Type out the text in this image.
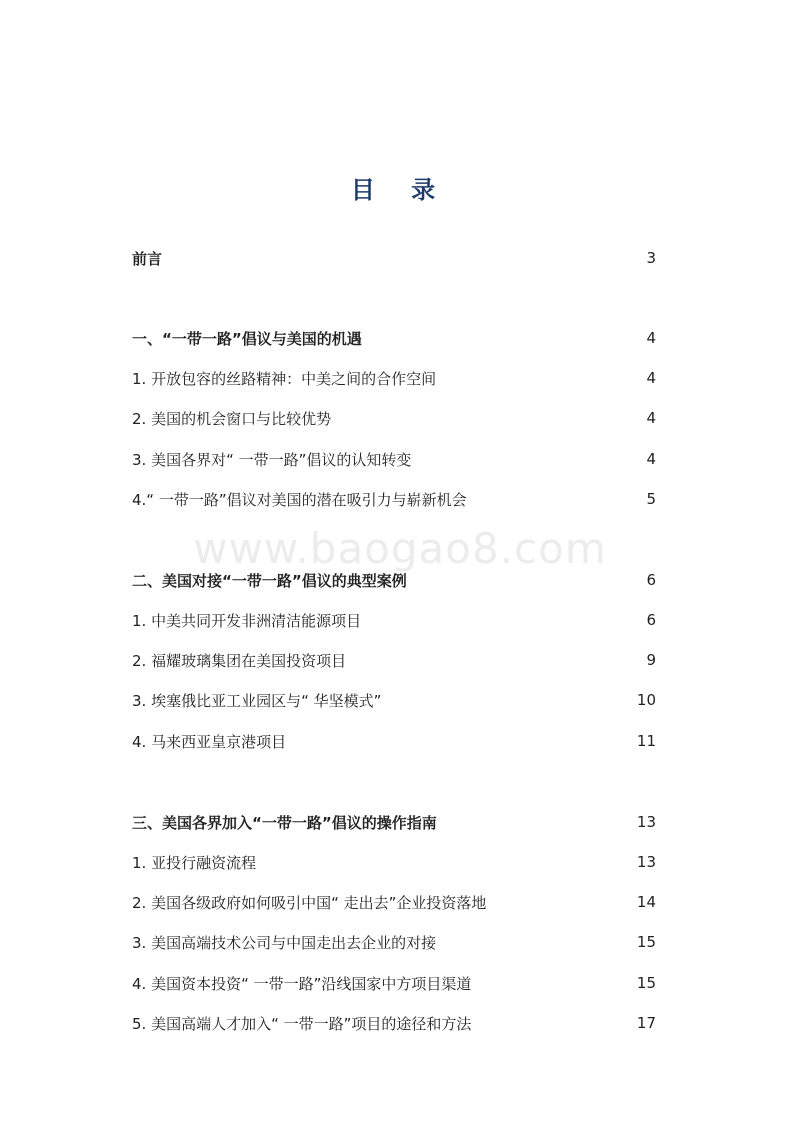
目 录
www.baogao8.com
前言	3
一、“一带一路”倡议与美国的机遇	4
1. 开放包容的丝路精神：中美之间的合作空间	4
2. 美国的机会窗口与比较优势	4
3. 美国各界对“ 一带一路”倡议的认知转变	4
4.“ 一带一路”倡议对美国的潜在吸引力与崭新机会	5
二、美国对接“一带一路”倡议的典型案例	6
1. 中美共同开发非洲清洁能源项目	6
2. 福耀玻璃集团在美国投资项目	9
3. 埃塞俄比亚工业园区与“ 华坚模式”	10
4. 马来西亚皇京港项目	11
三、美国各界加入“一带一路”倡议的操作指南	13
1. 亚投行融资流程	13
2. 美国各级政府如何吸引中国“ 走出去”企业投资落地	14
3. 美国高端技术公司与中国走出去企业的对接	15
4. 美国资本投资“ 一带一路”沿线国家中方项目渠道	15
5. 美国高端人才加入“ 一带一路”项目的途径和方法	17
